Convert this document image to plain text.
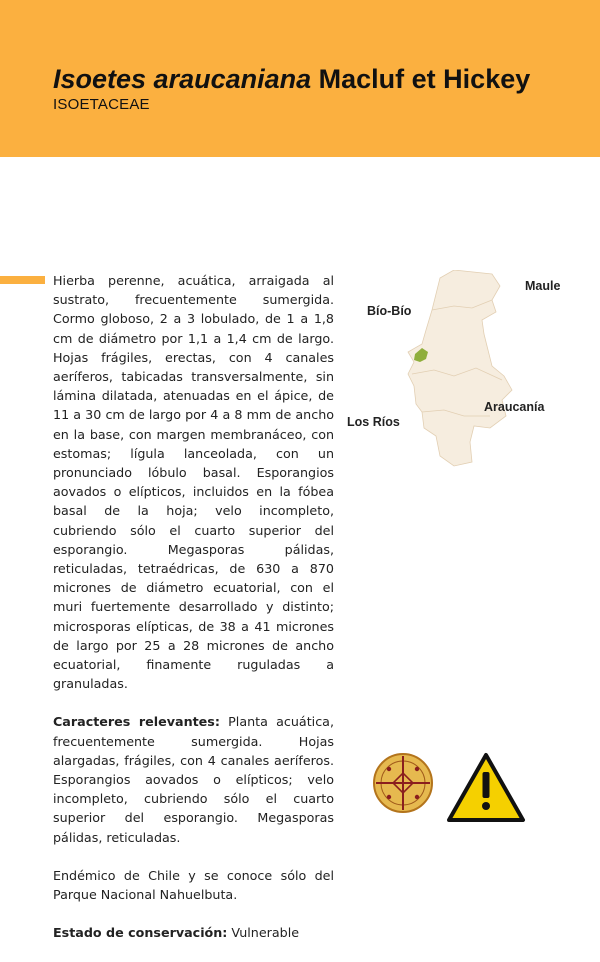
Isoetes araucaniana Macluf et Hickey
ISOETACEAE

Hierba perenne, acuática, arraigada al sustrato, frecuentemente sumergida. Cormo globoso, 2 a 3 lobulado, de 1 a 1,8 cm de diámetro por 1,1 a 1,4 cm de largo. Hojas frágiles, erectas, con 4 canales aeríferos, tabicadas transversalmente, sin lámina dilatada, atenuadas en el ápice, de 11 a 30 cm de largo por 4 a 8 mm de ancho en la base, con margen membranáceo, con estomas; lígula lanceolada, con un pronunciado lóbulo basal. Esporangios aovados o elípticos, incluidos en la fóbea basal de la hoja; velo incompleto, cubriendo sólo el cuarto superior del esporangio. Megasporas pálidas, reticuladas, tetraédricas, de 630 a 870 micrones de diámetro ecuatorial, con el muri fuertemente desarrollado y distinto; microsporas elípticas, de 38 a 41 micrones de largo por 25 a 28 micrones de ancho ecuatorial, finamente ruguladas a granuladas.

Caracteres relevantes: Planta acuática, frecuentemente sumergida. Hojas alargadas, frágiles, con 4 canales aeríferos. Esporangios aovados o elípticos; velo incompleto, cubriendo sólo el cuarto superior del esporangio. Megasporas pálidas, reticuladas.

Endémico de Chile y se conoce sólo del Parque Nacional Nahuelbuta.

Estado de conservación: Vulnerable

Maule
Bío-Bío
Araucanía
Los Ríos
